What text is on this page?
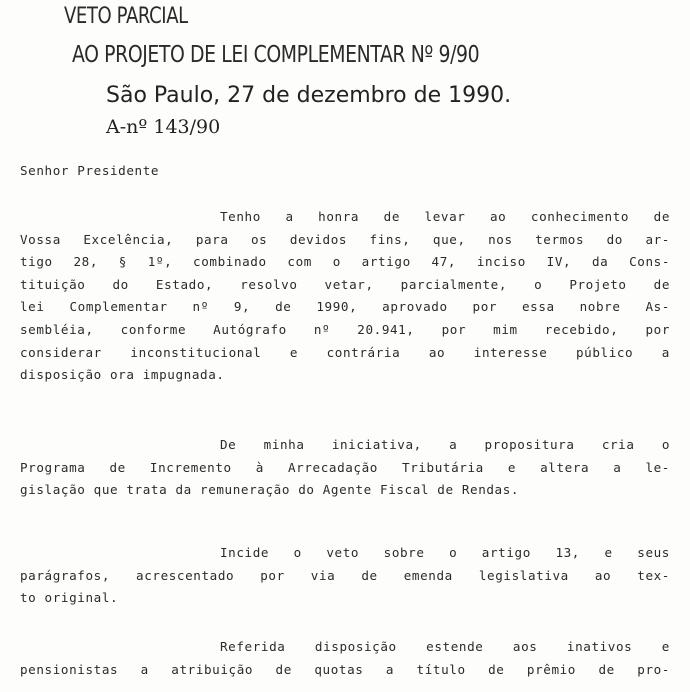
VETO PARCIAL
AO PROJETO DE LEI COMPLEMENTAR Nº 9/90

São Paulo, 27 de dezembro de 1990.

A-nº 143/90

Senhor Presidente

Tenho a honra de levar ao conhecimento de
Vossa Excelência, para os devidos fins, que, nos termos do ar-
tigo 28, § 1º, combinado com o artigo 47, inciso IV, da Cons-
tituição do Estado, resolvo vetar, parcialmente, o Projeto de
lei Complementar nº 9, de 1990, aprovado por essa nobre As-
sembléia, conforme Autógrafo nº 20.941, por mim recebido, por
considerar inconstitucional e contrária ao interesse público a
disposição ora impugnada.
De minha iniciativa, a propositura cria o
Programa de Incremento à Arrecadação Tributária e altera a le-
gislação que trata da remuneração do Agente Fiscal de Rendas.
Incide o veto sobre o artigo 13, e seus
parágrafos, acrescentado por via de emenda legislativa ao tex-
to original.
Referida disposição estende aos inativos e
pensionistas a atribuição de quotas a título de prêmio de pro-
